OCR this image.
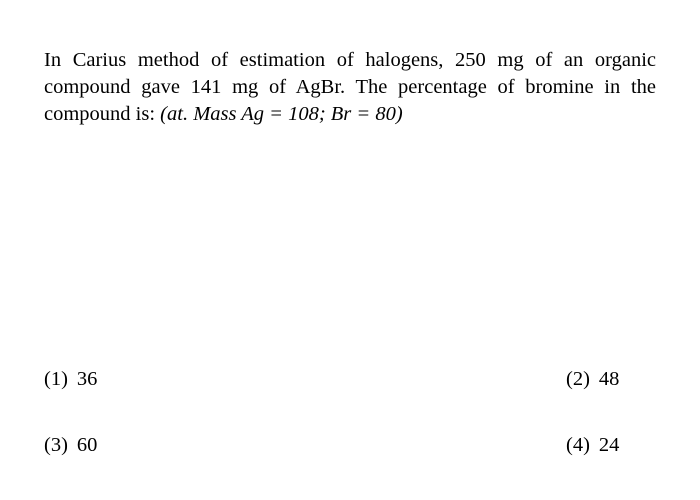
In Carius method of estimation of halogens, 250 mg of an organic compound gave 141 mg of AgBr. The percentage of bromine in the compound is: (at. Mass Ag = 108; Br = 80)

(1) 36	(2) 48
(3) 60	(4) 24
